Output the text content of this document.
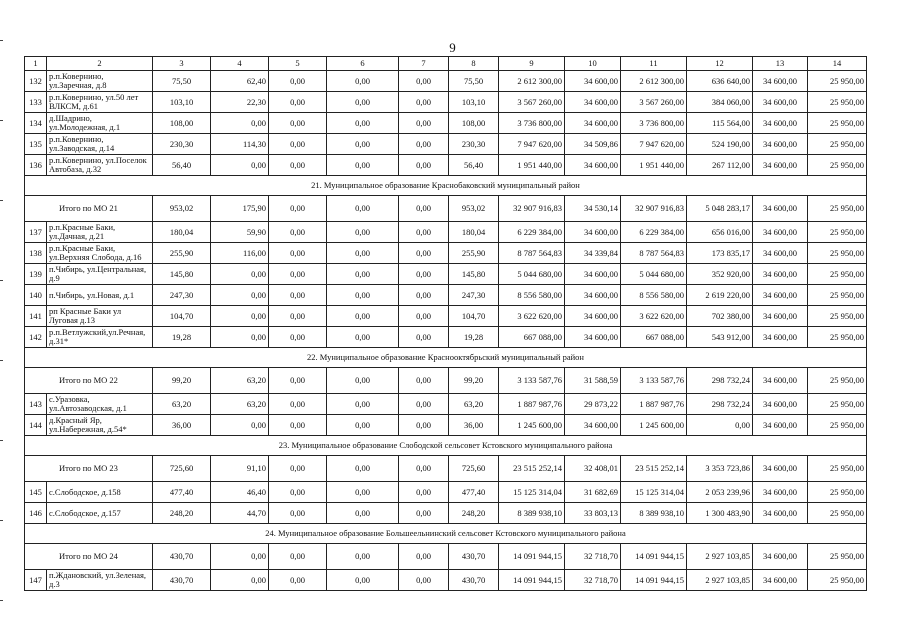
9
1	2	3	4	5	6	7	8	9	10	11	12	13	14
132	р.п.Ковернино, ул.Заречная, д.8	75,50	62,40	0,00	0,00	0,00	75,50	2 612 300,00	34 600,00	2 612 300,00	636 640,00	34 600,00	25 950,00
133	р.п.Ковернино, ул.50 лет ВЛКСМ, д.61	103,10	22,30	0,00	0,00	0,00	103,10	3 567 260,00	34 600,00	3 567 260,00	384 060,00	34 600,00	25 950,00
134	д.Шадрино, ул.Молодежная, д.1	108,00	0,00	0,00	0,00	0,00	108,00	3 736 800,00	34 600,00	3 736 800,00	115 564,00	34 600,00	25 950,00
135	р.п.Ковернино, ул.Заводская, д.14	230,30	114,30	0,00	0,00	0,00	230,30	7 947 620,00	34 509,86	7 947 620,00	524 190,00	34 600,00	25 950,00
136	р.п.Ковернино, ул.Поселок Автобаза, д.32	56,40	0,00	0,00	0,00	0,00	56,40	1 951 440,00	34 600,00	1 951 440,00	267 112,00	34 600,00	25 950,00
21. Муниципальное образование Краснобаковский муниципальный район													
Итого по МО 21		953,02	175,90	0,00	0,00	0,00	953,02	32 907 916,83	34 530,14	32 907 916,83	5 048 283,17	34 600,00	25 950,00
137	р.п.Красные Баки, ул.Дачная, д.21	180,04	59,90	0,00	0,00	0,00	180,04	6 229 384,00	34 600,00	6 229 384,00	656 016,00	34 600,00	25 950,00
138	р.п.Красные Баки, ул.Верхняя Слобода, д.16	255,90	116,00	0,00	0,00	0,00	255,90	8 787 564,83	34 339,84	8 787 564,83	173 835,17	34 600,00	25 950,00
139	п.Чибирь, ул.Центральная, д.9	145,80	0,00	0,00	0,00	0,00	145,80	5 044 680,00	34 600,00	5 044 680,00	352 920,00	34 600,00	25 950,00
140	п.Чибирь, ул.Новая, д.1	247,30	0,00	0,00	0,00	0,00	247,30	8 556 580,00	34 600,00	8 556 580,00	2 619 220,00	34 600,00	25 950,00
141	рп Красные Баки ул Луговая д.13	104,70	0,00	0,00	0,00	0,00	104,70	3 622 620,00	34 600,00	3 622 620,00	702 380,00	34 600,00	25 950,00
142	р.п.Ветлужский,ул.Речная, д.31*	19,28	0,00	0,00	0,00	0,00	19,28	667 088,00	34 600,00	667 088,00	543 912,00	34 600,00	25 950,00
22. Муниципальное образование Краснооктябрьский муниципальный район													
Итого по МО 22		99,20	63,20	0,00	0,00	0,00	99,20	3 133 587,76	31 588,59	3 133 587,76	298 732,24	34 600,00	25 950,00
143	с.Уразовка, ул.Автозаводская, д.1	63,20	63,20	0,00	0,00	0,00	63,20	1 887 987,76	29 873,22	1 887 987,76	298 732,24	34 600,00	25 950,00
144	д.Красный Яр, ул.Набережная, д.54*	36,00	0,00	0,00	0,00	0,00	36,00	1 245 600,00	34 600,00	1 245 600,00	0,00	34 600,00	25 950,00
23. Муниципальное образование Слободской сельсовет Кстовского муниципального района													
Итого по МО 23		725,60	91,10	0,00	0,00	0,00	725,60	23 515 252,14	32 408,01	23 515 252,14	3 353 723,86	34 600,00	25 950,00
145	с.Слободское, д.158	477,40	46,40	0,00	0,00	0,00	477,40	15 125 314,04	31 682,69	15 125 314,04	2 053 239,96	34 600,00	25 950,00
146	с.Слободское, д.157	248,20	44,70	0,00	0,00	0,00	248,20	8 389 938,10	33 803,13	8 389 938,10	1 300 483,90	34 600,00	25 950,00
24. Муниципальное образование Большеельнинский сельсовет Кстовского муниципального района													
Итого по МО 24		430,70	0,00	0,00	0,00	0,00	430,70	14 091 944,15	32 718,70	14 091 944,15	2 927 103,85	34 600,00	25 950,00
147	п.Ждановский, ул.Зеленая, д.3	430,70	0,00	0,00	0,00	0,00	430,70	14 091 944,15	32 718,70	14 091 944,15	2 927 103,85	34 600,00	25 950,00
